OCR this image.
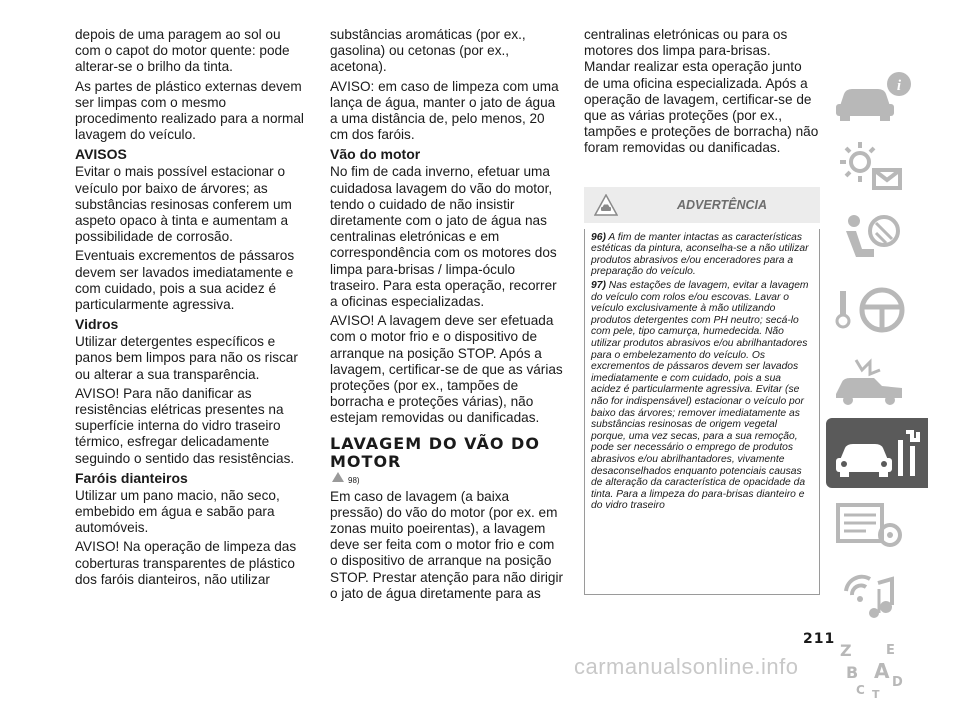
depois de uma paragem ao sol ou com o capot do motor quente: pode alterar-se o brilho da tinta.

As partes de plástico externas devem ser limpas com o mesmo procedimento realizado para a normal lavagem do veículo.

AVISOS

Evitar o mais possível estacionar o veículo por baixo de árvores; as substâncias resinosas conferem um aspeto opaco à tinta e aumentam a possibilidade de corrosão.

Eventuais excrementos de pássaros devem ser lavados imediatamente e com cuidado, pois a sua acidez é particularmente agressiva.

Vidros

Utilizar detergentes específicos e panos bem limpos para não os riscar ou alterar a sua transparência.

AVISO! Para não danificar as resistências elétricas presentes na superfície interna do vidro traseiro térmico, esfregar delicadamente seguindo o sentido das resistências.

Faróis dianteiros

Utilizar um pano macio, não seco, embebido em água e sabão para automóveis.

AVISO! Na operação de limpeza das coberturas transparentes de plástico dos faróis dianteiros, não utilizar

substâncias aromáticas (por ex., gasolina) ou cetonas (por ex., acetona).

AVISO: em caso de limpeza com uma lança de água, manter o jato de água a uma distância de, pelo menos, 20 cm dos faróis.

Vão do motor

No fim de cada inverno, efetuar uma cuidadosa lavagem do vão do motor, tendo o cuidado de não insistir diretamente com o jato de água nas centralinas eletrónicas e em correspondência com os motores dos limpa para-brisas / limpa-óculo traseiro. Para esta operação, recorrer a oficinas especializadas.

AVISO! A lavagem deve ser efetuada com o motor frio e o dispositivo de arranque na posição STOP. Após a lavagem, certificar-se de que as várias proteções (por ex., tampões de borracha e proteções várias), não estejam removidas ou danificadas.

LAVAGEM DO VÃO DO MOTOR
98)

Em caso de lavagem (a baixa pressão) do vão do motor (por ex. em zonas muito poeirentas), a lavagem deve ser feita com o motor frio e com o dispositivo de arranque na posição STOP. Prestar atenção para não dirigir o jato de água diretamente para as

centralinas eletrónicas ou para os motores dos limpa para-brisas. Mandar realizar esta operação junto de uma oficina especializada. Após a operação de lavagem, certificar-se de que as várias proteções (por ex., tampões e proteções de borracha) não foram removidas ou danificadas.

ADVERTÊNCIA

96) A fim de manter intactas as características estéticas da pintura, aconselha-se a não utilizar produtos abrasivos e/ou enceradores para a preparação do veículo.

97) Nas estações de lavagem, evitar a lavagem do veículo com rolos e/ou escovas. Lavar o veículo exclusivamente à mão utilizando produtos detergentes com PH neutro; secá-lo com pele, tipo camurça, humedecida. Não utilizar produtos abrasivos e/ou abrilhantadores para o embelezamento do veículo. Os excrementos de pássaros devem ser lavados imediatamente e com cuidado, pois a sua acidez é particularmente agressiva. Evitar (se não for indispensável) estacionar o veículo por baixo das árvores; remover imediatamente as substâncias resinosas de origem vegetal porque, uma vez secas, para a sua remoção, pode ser necessário o emprego de produtos abrasivos e/ou abrilhantadores, vivamente desaconselhados enquanto potenciais causas de alteração da característica de opacidade da tinta. Para a limpeza do para-brisas dianteiro e do vidro traseiro

211
i
Z	E
B A
C D
T
carmanualsonline.info
